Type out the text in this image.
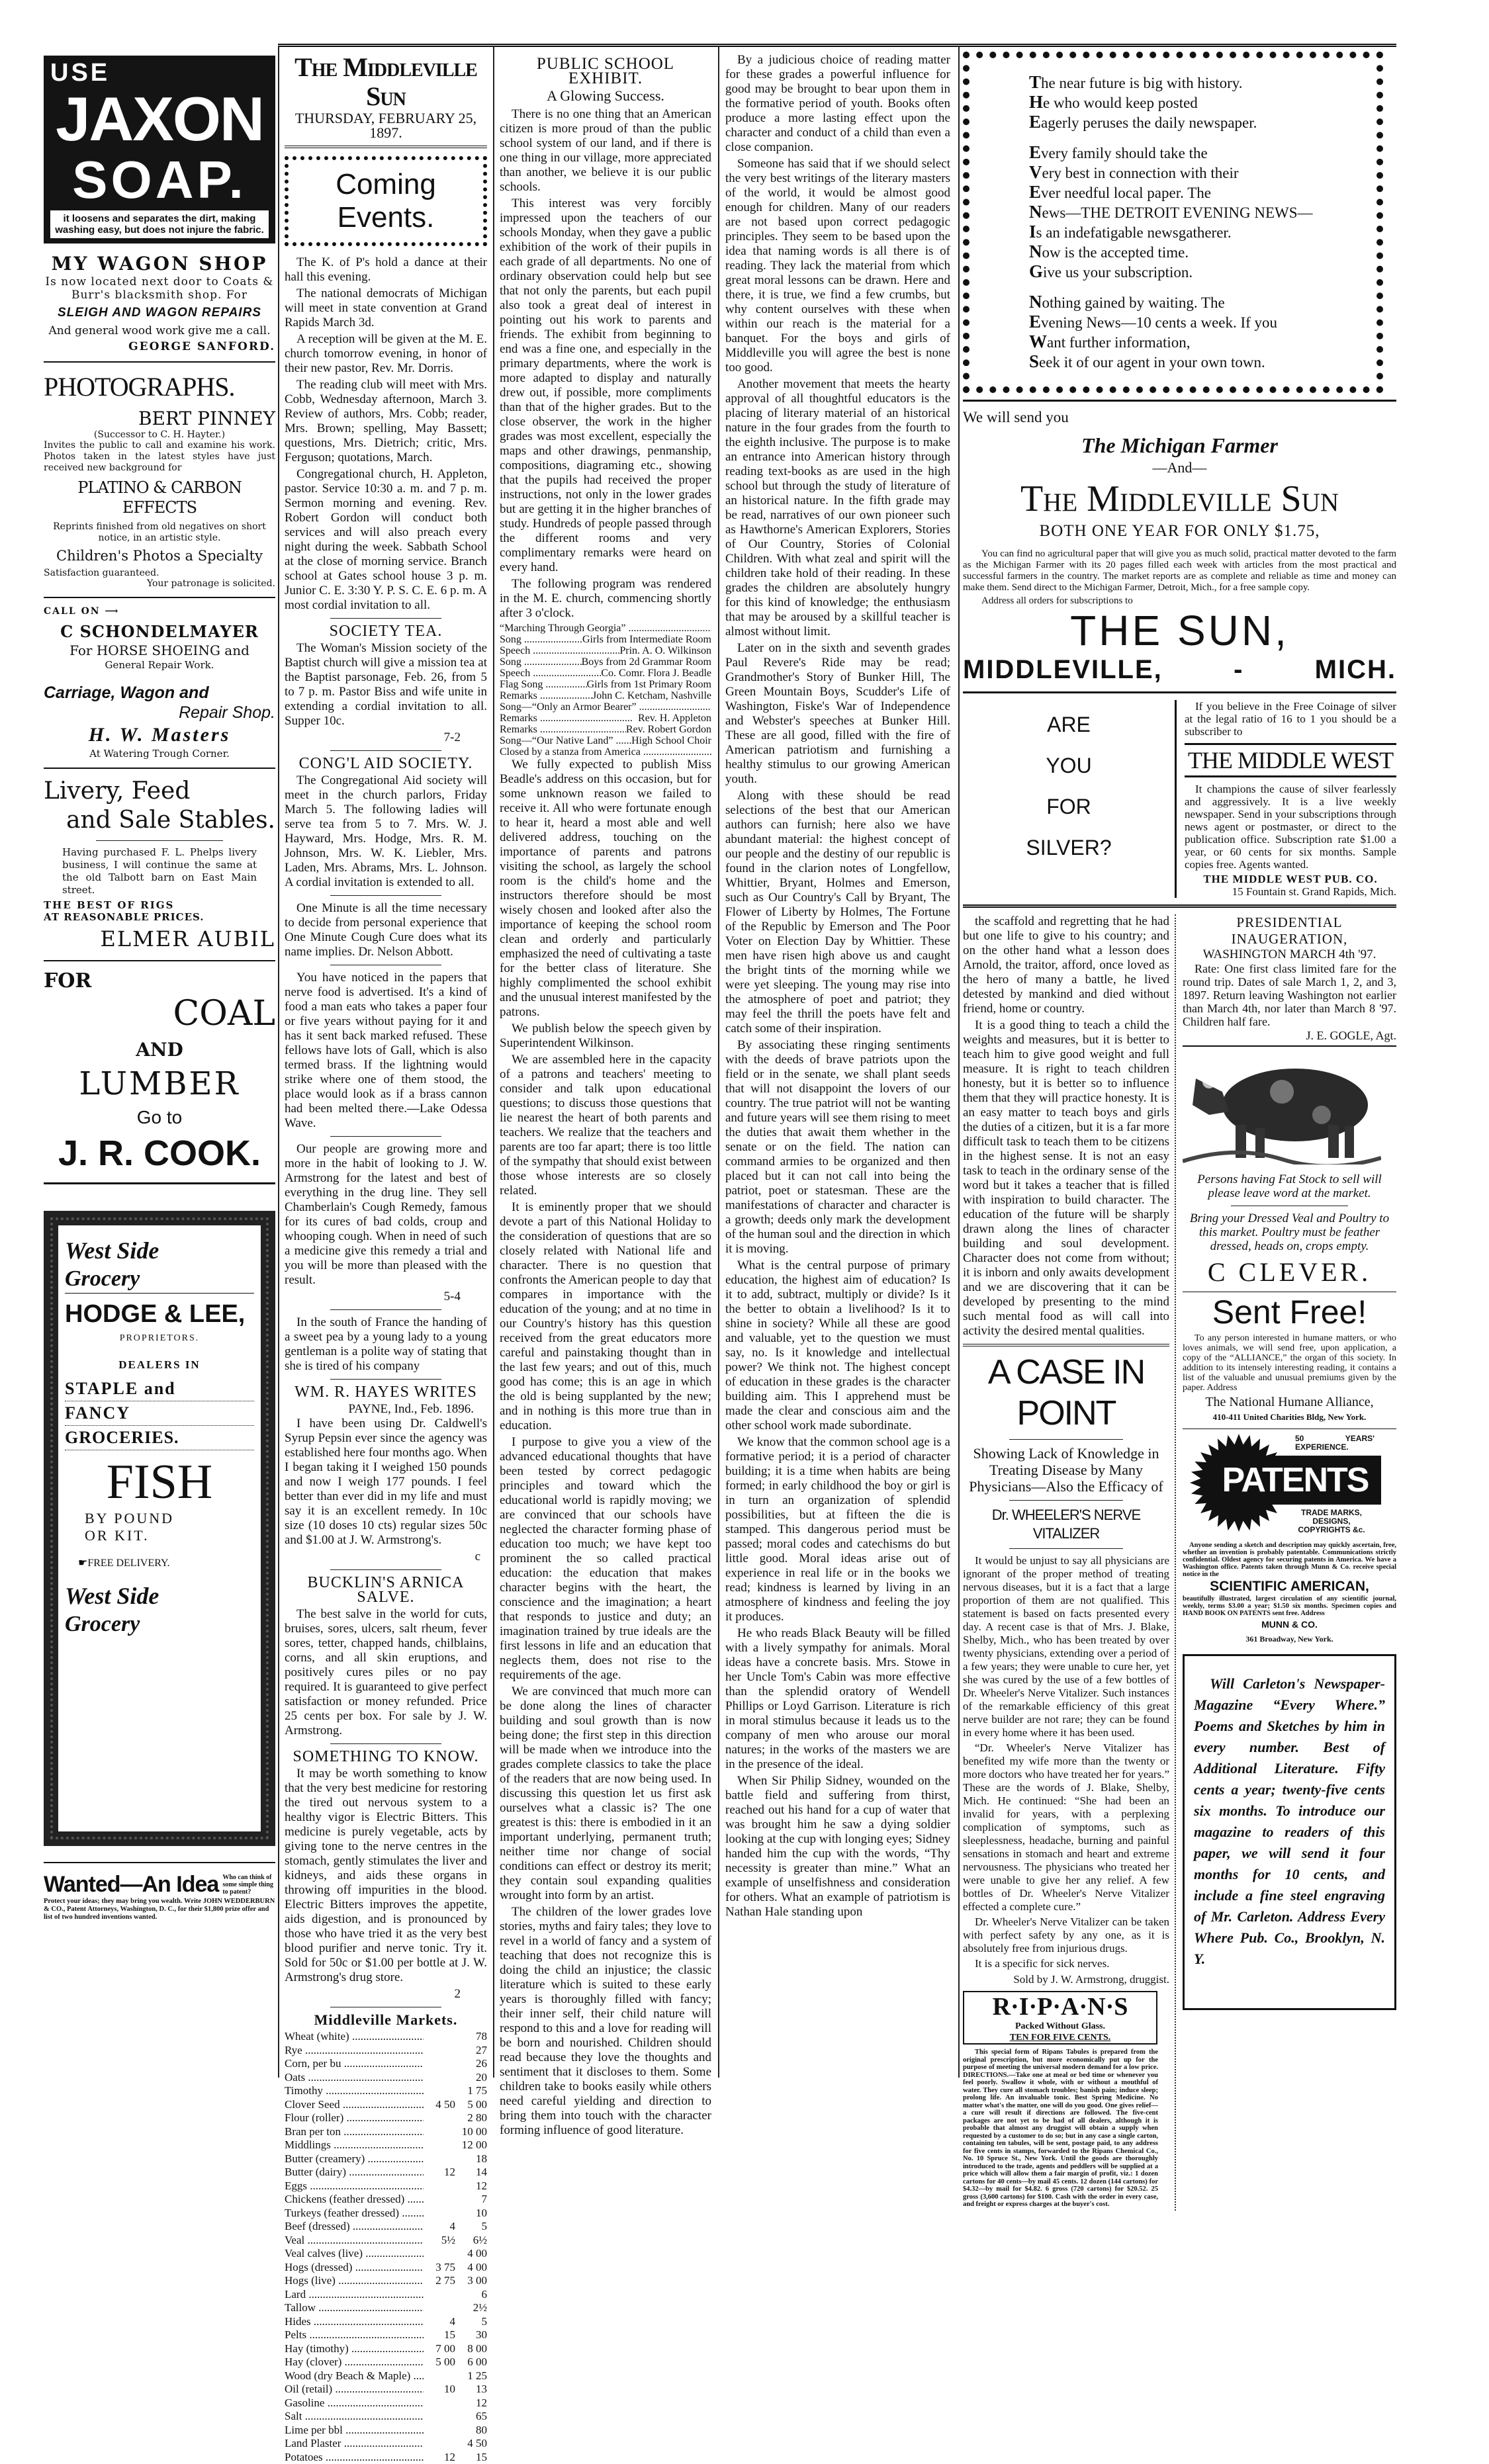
USE
JAXON
SOAP.
it loosens and separates the dirt, making washing easy, but does not injure the fabric.
MY WAGON SHOP
Is now located next door to Coats & Burr's blacksmith shop. For
SLEIGH AND WAGON REPAIRS
And general wood work give me a call.
GEORGE SANFORD.
PHOTOGRAPHS.
BERT PINNEY
(Successor to C. H. Hayter.)
Invites the public to call and examine his work. Photos taken in the latest styles have just received new background for
PLATINO & CARBON EFFECTS
Reprints finished from old negatives on short notice, in an artistic style.
Children's Photos a Specialty
Satisfaction guaranteed.
Your patronage is solicited.
CALL ON ⟶
C SCHONDELMAYER
For HORSE SHOEING and
General Repair Work.
Carriage, Wagon and
Repair Shop.
H. W. Masters
At Watering Trough Corner.
Livery, Feed
and Sale Stables.
Having purchased F. L. Phelps livery business, I will continue the same at the old Talbott barn on East Main street.
THE BEST OF RIGS
AT REASONABLE PRICES.
ELMER AUBIL
FOR
COAL
AND
LUMBER
Go to
J. R. COOK.
West Side
Grocery
HODGE & LEE,
PROPRIETORS.
DEALERS IN
STAPLE and
FANCY
GROCERIES.
FISH
BY POUND
OR KIT.
☛FREE DELIVERY.
West Side
Grocery
Wanted—An Idea Who can think of some simple thing to patent?
Protect your ideas; they may bring you wealth. Write JOHN WEDDERBURN & CO., Patent Attorneys, Washington, D. C., for their $1,800 prize offer and list of two hundred inventions wanted.
The Middleville Sun
THURSDAY, FEBRUARY 25, 1897.
Coming Events.

The K. of P's hold a dance at their hall this evening.

The national democrats of Michigan will meet in state convention at Grand Rapids March 3d.

A reception will be given at the M. E. church tomorrow evening, in honor of their new pastor, Rev. Mr. Dorris.

The reading club will meet with Mrs. Cobb, Wednesday afternoon, March 3. Review of authors, Mrs. Cobb; reader, Mrs. Brown; spelling, May Bassett; questions, Mrs. Dietrich; critic, Mrs. Ferguson; quotations, March.

Congregational church, H. Appleton, pastor. Service 10:30 a. m. and 7 p. m. Sermon morning and evening. Rev. Robert Gordon will conduct both services and will also preach every night during the week. Sabbath School at the close of morning service. Branch school at Gates school house 3 p. m. Junior C. E. 3:30 Y. P. S. C. E. 6 p. m. A most cordial invitation to all.

SOCIETY TEA.

The Woman's Mission society of the Baptist church will give a mission tea at the Baptist parsonage, Feb. 26, from 5 to 7 p. m. Pastor Biss and wife unite in extending a cordial invitation to all. Supper 10c.

7-2
CONG'L AID SOCIETY.

The Congregational Aid society will meet in the church parlors, Friday March 5. The following ladies will serve tea from 5 to 7. Mrs. W. J. Hayward, Mrs. Hodge, Mrs. R. M. Johnson, Mrs. W. K. Liebler, Mrs. Laden, Mrs. Abrams, Mrs. L. Johnson. A cordial invitation is extended to all.

One Minute is all the time necessary to decide from personal experience that One Minute Cough Cure does what its name implies. Dr. Nelson Abbott.

You have noticed in the papers that nerve food is advertised. It's a kind of food a man eats who takes a paper four or five years without paying for it and has it sent back marked refused. These fellows have lots of Gall, which is also termed brass. If the lightning would strike where one of them stood, the place would look as if a brass cannon had been melted there.—Lake Odessa Wave.

Our people are growing more and more in the habit of looking to J. W. Armstrong for the latest and best of everything in the drug line. They sell Chamberlain's Cough Remedy, famous for its cures of bad colds, croup and whooping cough. When in need of such a medicine give this remedy a trial and you will be more than pleased with the result.

5-4

In the south of France the handing of a sweet pea by a young lady to a young gentleman is a polite way of stating that she is tired of his company

WM. R. HAYES WRITES
PAYNE, Ind., Feb. 1896.

I have been using Dr. Caldwell's Syrup Pepsin ever since the agency was established here four months ago. When I began taking it I weighed 150 pounds and now I weigh 177 pounds. I feel better than ever did in my life and must say it is an excellent remedy. In 10c size (10 doses 10 cts) regular sizes 50c and $1.00 at J. W. Armstrong's.

c
BUCKLIN'S ARNICA SALVE.

The best salve in the world for cuts, bruises, sores, ulcers, salt rheum, fever sores, tetter, chapped hands, chilblains, corns, and all skin eruptions, and positively cures piles or no pay required. It is guaranteed to give perfect satisfaction or money refunded. Price 25 cents per box. For sale by J. W. Armstrong.

SOMETHING TO KNOW.

It may be worth something to know that the very best medicine for restoring the tired out nervous system to a healthy vigor is Electric Bitters. This medicine is purely vegetable, acts by giving tone to the nerve centres in the stomach, gently stimulates the liver and kidneys, and aids these organs in throwing off impurities in the blood. Electric Bitters improves the appetite, aids digestion, and is pronounced by those who have tried it as the very best blood purifier and nerve tonic. Try it. Sold for 50c or $1.00 per bottle at J. W. Armstrong's drug store.

2
Middleville Markets.
Wheat (white) .....	78
Rye .....	27
Corn, per bu .....	26
Oats .....	20
Timothy .....	1 75
Clover Seed .....	4 50	5 00
Flour (roller) .....	2 80
Bran per ton .....	10 00
Middlings .....	12 00
Butter (creamery) .....	18
Butter (dairy) .....	12	14
Eggs .....	12
Chickens (feather dressed) .....	7
Turkeys (feather dressed) .....	10
Beef (dressed) .....	4	5
Veal .....	5½	6½
Veal calves (live) .....	4 00
Hogs (dressed) .....	3 75	4 00
Hogs (live) .....	2 75	3 00
Lard .....	6
Tallow .....	2½
Hides .....	4	5
Pelts .....	15	30
Hay (timothy) .....	7 00	8 00
Hay (clover) .....	5 00	6 00
Wood (dry Beach & Maple) .....	1 25
Oil (retail) .....	10	13
Gasoline .....	12
Salt .....	65
Lime per bbl .....	80
Land Plaster .....	4 50
Potatoes .....	12	15
PUBLIC SCHOOL EXHIBIT.
A Glowing Success.

There is no one thing that an American citizen is more proud of than the public school system of our land, and if there is one thing in our village, more appreciated than another, we believe it is our public schools.

This interest was very forcibly impressed upon the teachers of our schools Monday, when they gave a public exhibition of the work of their pupils in each grade of all departments. No one of ordinary observation could help but see that not only the parents, but each pupil also took a great deal of interest in pointing out his work to parents and friends. The exhibit from beginning to end was a fine one, and especially in the primary departments, where the work is more adapted to display and naturally drew out, if possible, more compliments than that of the higher grades. But to the close observer, the work in the higher grades was most excellent, especially the maps and other drawings, penmanship, compositions, diagraming etc., showing that the pupils had received the proper instructions, not only in the lower grades but are getting it in the higher branches of study. Hundreds of people passed through the different rooms and very complimentary remarks were heard on every hand.

The following program was rendered in the M. E. church, commencing shortly after 3 o'clock.

“Marching Through Georgia” .....
Song .....	Girls from Intermediate Room
Speech .....	Prin. A. O. Wilkinson
Song .....	Boys from 2d Grammar Room
Speech .....	Co. Comr. Flora J. Beadle
Flag Song .....	Girls from 1st Primary Room
Remarks .....	John C. Ketcham, Nashville
Song—“Only an Armor Bearer” .....
Remarks .....	Rev. H. Appleton
Remarks .....	Rev. Robert Gordon
Song—“Our Native Land” .....	High School Choir
Closed by a stanza from America .....

We fully expected to publish Miss Beadle's address on this occasion, but for some unknown reason we failed to receive it. All who were fortunate enough to hear it, heard a most able and well delivered address, touching on the importance of parents and patrons visiting the school, as largely the school room is the child's home and the instructors therefore should be most wisely chosen and looked after also the importance of keeping the school room clean and orderly and particularly emphasized the need of cultivating a taste for the better class of literature. She highly complimented the school exhibit and the unusual interest manifested by the patrons.

We publish below the speech given by Superintendent Wilkinson.

We are assembled here in the capacity of a patrons and teachers' meeting to consider and talk upon educational questions; to discuss those questions that lie nearest the heart of both parents and teachers. We realize that the teachers and parents are too far apart; there is too little of the sympathy that should exist between those whose interests are so closely related.

It is eminently proper that we should devote a part of this National Holiday to the consideration of questions that are so closely related with National life and character. There is no question that confronts the American people to day that compares in importance with the education of the young; and at no time in our Country's history has this question received from the great educators more careful and painstaking thought than in the last few years; and out of this, much good has come; this is an age in which the old is being supplanted by the new; and in nothing is this more true than in education.

I purpose to give you a view of the advanced educational thoughts that have been tested by correct pedagogic principles and toward which the educational world is rapidly moving; we are convinced that our schools have neglected the character forming phase of education too much; we have kept too prominent the so called practical education: the education that makes character begins with the heart, the conscience and the imagination; a heart that responds to justice and duty; an imagination trained by true ideals are the first lessons in life and an education that neglects them, does not rise to the requirements of the age.

We are convinced that much more can be done along the lines of character building and soul growth than is now being done; the first step in this direction will be made when we introduce into the grades complete classics to take the place of the readers that are now being used. In discussing this question let us first ask ourselves what a classic is? The one greatest is this: there is embodied in it an important underlying, permanent truth; neither time nor change of social conditions can effect or destroy its merit; they contain soul expanding qualities wrought into form by an artist.

The children of the lower grades love stories, myths and fairy tales; they love to revel in a world of fancy and a system of teaching that does not recognize this is doing the child an injustice; the classic literature which is suited to these early years is thoroughly filled with fancy; their inner self, their child nature will respond to this and a love for reading will be born and nourished. Children should read because they love the thoughts and sentiment that it discloses to them. Some children take to books easily while others need careful yielding and direction to bring them into touch with the character forming influence of good literature.

By a judicious choice of reading matter for these grades a powerful influence for good may be brought to bear upon them in the formative period of youth. Books often produce a more lasting effect upon the character and conduct of a child than even a close companion.

Someone has said that if we should select the very best writings of the literary masters of the world, it would be almost good enough for children. Many of our readers are not based upon correct pedagogic principles. They seem to be based upon the idea that naming words is all there is of reading. They lack the material from which great moral lessons can be drawn. Here and there, it is true, we find a few crumbs, but why content ourselves with these when within our reach is the material for a banquet. For the boys and girls of Middleville you will agree the best is none too good.

Another movement that meets the hearty approval of all thoughtful educators is the placing of literary material of an historical nature in the four grades from the fourth to the eighth inclusive. The purpose is to make an entrance into American history through reading text-books as are used in the high school but through the study of literature of an historical nature. In the fifth grade may be read, narratives of our own pioneer such as Hawthorne's American Explorers, Stories of Our Country, Stories of Colonial Children. With what zeal and spirit will the children take hold of their reading. In these grades the children are absolutely hungry for this kind of knowledge; the enthusiasm that may be aroused by a skillful teacher is almost without limit.

Later on in the sixth and seventh grades Paul Revere's Ride may be read; Grandmother's Story of Bunker Hill, The Green Mountain Boys, Scudder's Life of Washington, Fiske's War of Independence and Webster's speeches at Bunker Hill. These are all good, filled with the fire of American patriotism and furnishing a healthy stimulus to our growing American youth.

Along with these should be read selections of the best that our American authors can furnish; here also we have abundant material: the highest concept of our people and the destiny of our republic is found in the clarion notes of Longfellow, Whittier, Bryant, Holmes and Emerson, such as Our Country's Call by Bryant, The Flower of Liberty by Holmes, The Fortune of the Republic by Emerson and The Poor Voter on Election Day by Whittier. These men have risen high above us and caught the bright tints of the morning while we were yet sleeping. The young may rise into the atmosphere of poet and patriot; they may feel the thrill the poets have felt and catch some of their inspiration.

By associating these ringing sentiments with the deeds of brave patriots upon the field or in the senate, we shall plant seeds that will not disappoint the lovers of our country. The true patriot will not be wanting and future years will see them rising to meet the duties that await them whether in the senate or on the field. The nation can command armies to be organized and then placed but it can not call into being the patriot, poet or statesman. These are the manifestations of character and character is a growth; deeds only mark the development of the human soul and the direction in which it is moving.

What is the central purpose of primary education, the highest aim of education? Is it to add, subtract, multiply or divide? Is it the better to obtain a livelihood? Is it to shine in society? While all these are good and valuable, yet to the question we must say, no. Is it knowledge and intellectual power? We think not. The highest concept of education in these grades is the character building aim. This I apprehend must be made the clear and conscious aim and the other school work made subordinate.

We know that the common school age is a formative period; it is a period of character building; it is a time when habits are being formed; in early childhood the boy or girl is in turn an organization of splendid possibilities, but at fifteen the die is stamped. This dangerous period must be passed; moral codes and catechisms do but little good. Moral ideas arise out of experience in real life or in the books we read; kindness is learned by living in an atmosphere of kindness and feeling the joy it produces.

He who reads Black Beauty will be filled with a lively sympathy for animals. Moral ideas have a concrete basis. Mrs. Stowe in her Uncle Tom's Cabin was more effective than the splendid oratory of Wendell Phillips or Loyd Garrison. Literature is rich in moral stimulus because it leads us to the company of men who arouse our moral natures; in the works of the masters we are in the presence of the ideal.

When Sir Philip Sidney, wounded on the battle field and suffering from thirst, reached out his hand for a cup of water that was brought him he saw a dying soldier looking at the cup with longing eyes; Sidney handed him the cup with the words, “Thy necessity is greater than mine.” What an example of unselfishness and consideration for others. What an example of patriotism is Nathan Hale standing upon

The near future is big with history.

He who would keep posted

Eagerly peruses the daily newspaper.

Every family should take the

Very best in connection with their

Ever needful local paper. The

News—THE DETROIT EVENING NEWS—

Is an indefatigable newsgatherer.

Now is the accepted time.

Give us your subscription.

Nothing gained by waiting. The

Evening News—10 cents a week. If you

Want further information,

Seek it of our agent in your own town.

We will send you
The Michigan Farmer
—And—
The Middleville Sun
BOTH ONE YEAR FOR ONLY $1.75,

You can find no agricultural paper that will give you as much solid, practical matter devoted to the farm as the Michigan Farmer with its 20 pages filled each week with articles from the most practical and successful farmers in the country. The market reports are as complete and reliable as time and money can make them. Send direct to the Michigan Farmer, Detroit, Mich., for a free sample copy.

Address all orders for subscriptions to
THE SUN,
MIDDLEVILLE,	-	MICH.
ARE
YOU
FOR
SILVER?

If you believe in the Free Coinage of silver at the legal ratio of 16 to 1 you should be a subscriber to

THE MIDDLE WEST

It champions the cause of silver fearlessly and aggressively. It is a live weekly newspaper. Send in your subscriptions through news agent or postmaster, or direct to the publication office. Subscription rate $1.00 a year, or 60 cents for six months. Sample copies free. Agents wanted.

THE MIDDLE WEST PUB. CO.
15 Fountain st. Grand Rapids, Mich.

the scaffold and regretting that he had but one life to give to his country; and on the other hand what a lesson does Arnold, the traitor, afford, once loved as the hero of many a battle, he lived detested by mankind and died without friend, home or country.

It is a good thing to teach a child the weights and measures, but it is better to teach him to give good weight and full measure. It is right to teach children honesty, but it is better so to influence them that they will practice honesty. It is an easy matter to teach boys and girls the duties of a citizen, but it is a far more difficult task to teach them to be citizens in the highest sense. It is not an easy task to teach in the ordinary sense of the word but it takes a teacher that is filled with inspiration to build character. The education of the future will be sharply drawn along the lines of character building and soul development. Character does not come from without; it is inborn and only awaits development and we are discovering that it can be developed by presenting to the mind such mental food as will call into activity the desired mental qualities.

A CASE IN POINT
Showing Lack of Knowledge in Treating Disease by Many Physicians—Also the Efficacy of
Dr. WHEELER'S NERVE VITALIZER

It would be unjust to say all physicians are ignorant of the proper method of treating nervous diseases, but it is a fact that a large proportion of them are not qualified. This statement is based on facts presented every day. A recent case is that of Mrs. J. Blake, Shelby, Mich., who has been treated by over twenty physicians, extending over a period of a few years; they were unable to cure her, yet she was cured by the use of a few bottles of Dr. Wheeler's Nerve Vitalizer. Such instances of the remarkable efficiency of this great nerve builder are not rare; they can be found in every home where it has been used.

“Dr. Wheeler's Nerve Vitalizer has benefited my wife more than the twenty or more doctors who have treated her for years.” These are the words of J. Blake, Shelby, Mich. He continued: “She had been an invalid for years, with a perplexing complication of symptoms, such as sleeplessness, headache, burning and painful sensations in stomach and heart and extreme nervousness. The physicians who treated her were unable to give her any relief. A few bottles of Dr. Wheeler's Nerve Vitalizer effected a complete cure.”

Dr. Wheeler's Nerve Vitalizer can be taken with perfect safety by any one, as it is absolutely free from injurious drugs.

It is a specific for sick nerves.

Sold by J. W. Armstrong, druggist.
R·I·P·A·N·S
Packed Without Glass.
TEN FOR FIVE CENTS.

This special form of Ripans Tabules is prepared from the original prescription, but more economically put up for the purpose of meeting the universal modern demand for a low price. DIRECTIONS.—Take one at meal or bed time or whenever you feel poorly. Swallow it whole, with or without a mouthful of water. They cure all stomach troubles; banish pain; induce sleep; prolong life. An invaluable tonic. Best Spring Medicine. No matter what's the matter, one will do you good. One gives relief—a cure will result if directions are followed. The five-cent packages are not yet to be had of all dealers, although it is probable that almost any druggist will obtain a supply when requested by a customer to do so; but in any case a single carton, containing ten tabules, will be sent, postage paid, to any address for five cents in stamps, forwarded to the Ripans Chemical Co., No. 10 Spruce St., New York. Until the goods are thoroughly introduced to the trade, agents and peddlers will be supplied at a price which will allow them a fair margin of profit, viz.: 1 dozen cartons for 40 cents—by mail 45 cents. 12 dozen (144 cartons) for $4.32—by mail for $4.82. 6 gross (720 cartons) for $20.52. 25 gross (3,600 cartons) for $100. Cash with the order in every case, and freight or express charges at the buyer's cost.

PRESIDENTIAL INAUGERATION,
WASHINGTON MARCH 4th '97.

Rate: One first class limited fare for the round trip. Dates of sale March 1, 2, and 3, 1897. Return leaving Washington not earlier than March 4th, nor later than March 8 '97. Children half fare.

J. E. GOGLE, Agt.

Persons having Fat Stock to sell will please leave word at the market.

Bring your Dressed Veal and Poultry to this market. Poultry must be feather dressed, heads on, crops empty.

C CLEVER.
Sent Free!

To any person interested in humane matters, or who loves animals, we will send free, upon application, a copy of the “ALLIANCE,” the organ of this society. In addition to its intensely interesting reading, it contains a list of the valuable and unusual premiums given by the paper. Address

The National Humane Alliance,
410-411 United Charities Bldg, New York.
PATENTS
50 YEARS' EXPERIENCE.
TRADE MARKS,
DESIGNS,
COPYRIGHTS &c.

Anyone sending a sketch and description may quickly ascertain, free, whether an invention is probably patentable. Communications strictly confidential. Oldest agency for securing patents in America. We have a Washington office. Patents taken through Munn & Co. receive special notice in the

SCIENTIFIC AMERICAN,

beautifully illustrated, largest circulation of any scientific journal, weekly, terms $3.00 a year; $1.50 six months. Specimen copies and HAND BOOK ON PATENTS sent free. Address

MUNN & CO.
361 Broadway, New York.

Will Carleton's Newspaper-Magazine “Every Where.” Poems and Sketches by him in every number. Best of Additional Literature. Fifty cents a year; twenty-five cents six months. To introduce our magazine to readers of this paper, we will send it four months for 10 cents, and include a fine steel engraving of Mr. Carleton. Address Every Where Pub. Co., Brooklyn, N. Y.
